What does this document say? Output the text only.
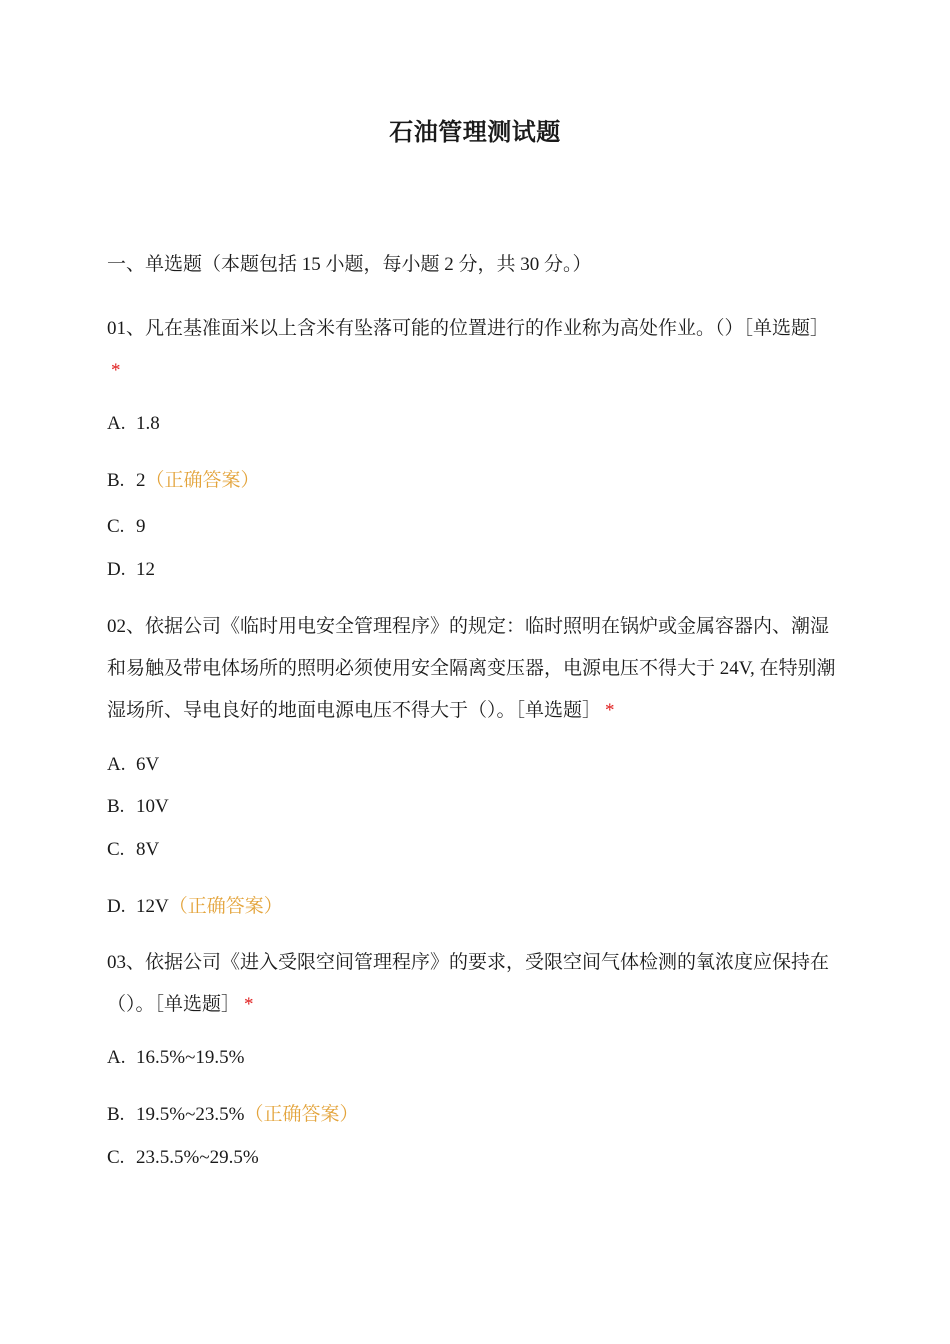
石油管理测试题
一、单选题（本题包括 15 小题，每小题 2 分，共 30 分。）
01、凡在基准面米以上含米有坠落可能的位置进行的作业称为高处作业。（）［单选题］*
A. 1.8
B. 2（正确答案）
C. 9
D. 12
02、依据公司《临时用电安全管理程序》的规定：临时照明在锅炉或金属容器内、潮湿和易触及带电体场所的照明必须使用安全隔离变压器，电源电压不得大于 24V, 在特别潮湿场所、导电良好的地面电源电压不得大于（）。［单选题］ *
A. 6V
B. 10V
C. 8V
D. 12V（正确答案）
03、依据公司《进入受限空间管理程序》的要求，受限空间气体检测的氧浓度应保持在（）。［单选题］ *
A. 16.5%~19.5%
B. 19.5%~23.5%（正确答案）
C. 23.5.5%~29.5%
